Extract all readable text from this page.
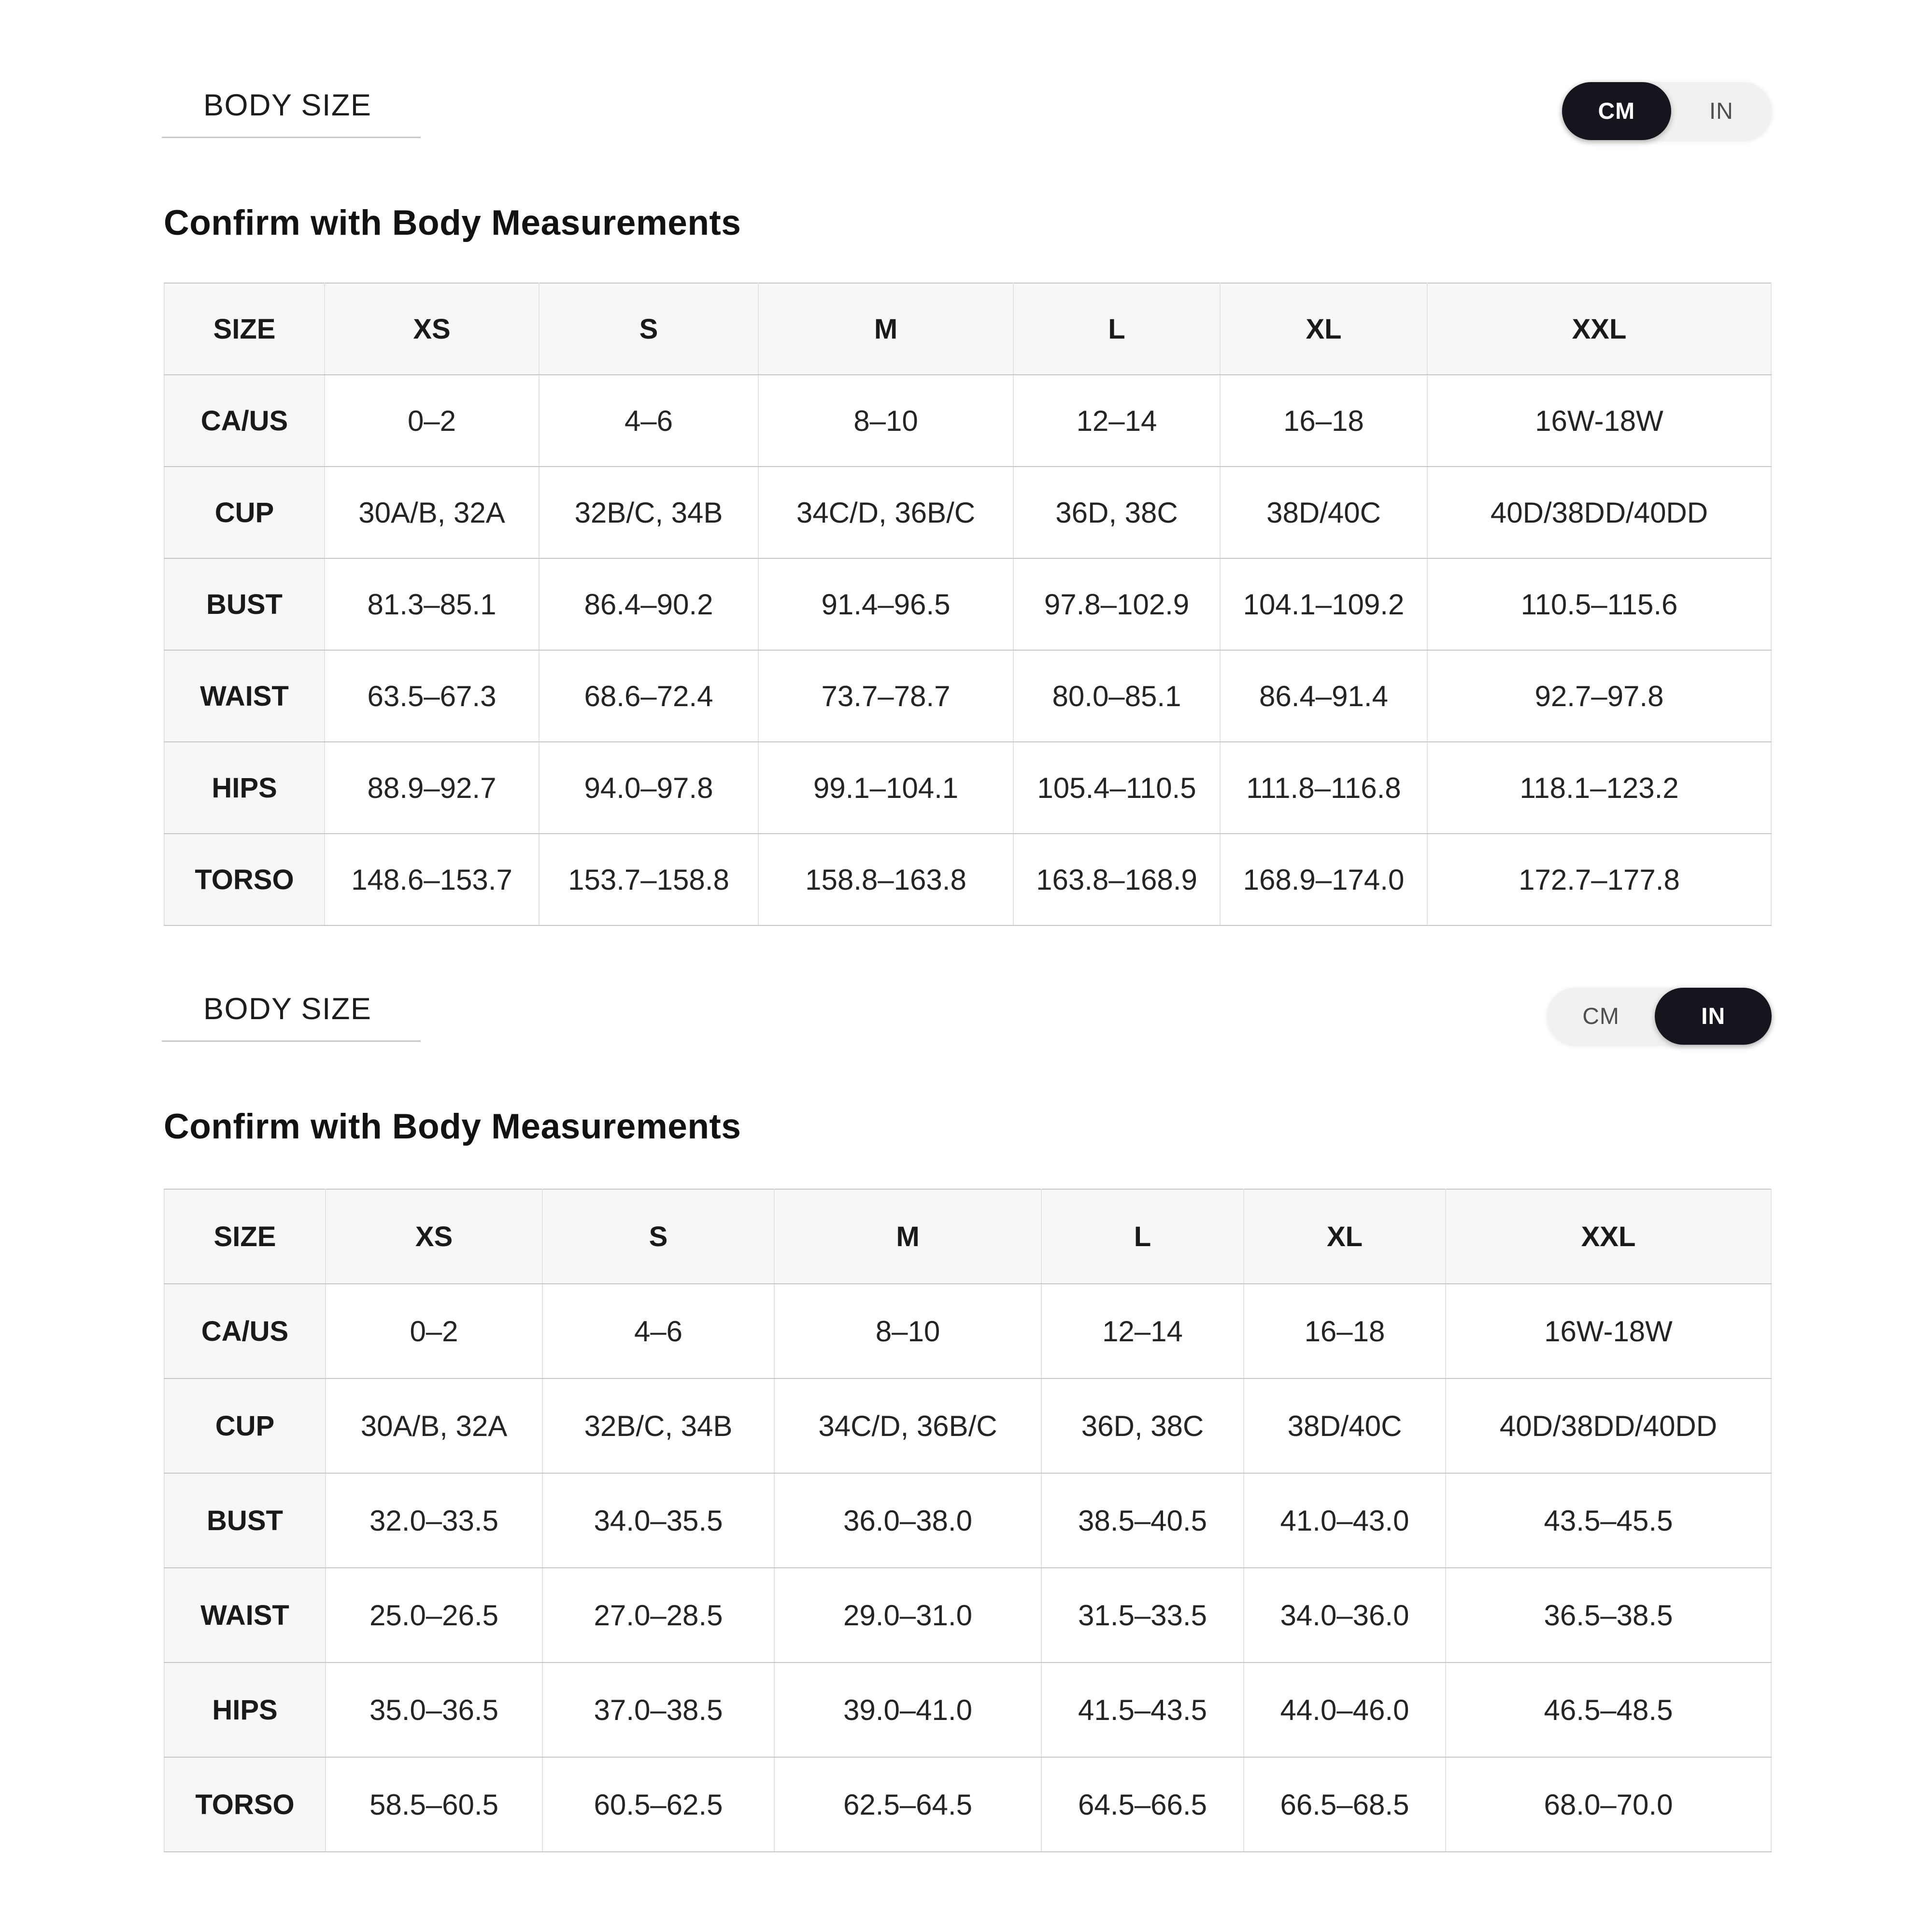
BODY SIZE	CM	IN
Confirm with Body Measurements
SIZE	XS	S	M	L	XL	XXL
CA/US	0–2	4–6	8–10	12–14	16–18	16W-18W
CUP	30A/B, 32A	32B/C, 34B	34C/D, 36B/C	36D, 38C	38D/40C	40D/38DD/40DD
BUST	81.3–85.1	86.4–90.2	91.4–96.5	97.8–102.9	104.1–109.2	110.5–115.6
WAIST	63.5–67.3	68.6–72.4	73.7–78.7	80.0–85.1	86.4–91.4	92.7–97.8
HIPS	88.9–92.7	94.0–97.8	99.1–104.1	105.4–110.5	111.8–116.8	118.1–123.2
TORSO	148.6–153.7	153.7–158.8	158.8–163.8	163.8–168.9	168.9–174.0	172.7–177.8
BODY SIZE	CM	IN
Confirm with Body Measurements
SIZE	XS	S	M	L	XL	XXL
CA/US	0–2	4–6	8–10	12–14	16–18	16W-18W
CUP	30A/B, 32A	32B/C, 34B	34C/D, 36B/C	36D, 38C	38D/40C	40D/38DD/40DD
BUST	32.0–33.5	34.0–35.5	36.0–38.0	38.5–40.5	41.0–43.0	43.5–45.5
WAIST	25.0–26.5	27.0–28.5	29.0–31.0	31.5–33.5	34.0–36.0	36.5–38.5
HIPS	35.0–36.5	37.0–38.5	39.0–41.0	41.5–43.5	44.0–46.0	46.5–48.5
TORSO	58.5–60.5	60.5–62.5	62.5–64.5	64.5–66.5	66.5–68.5	68.0–70.0
